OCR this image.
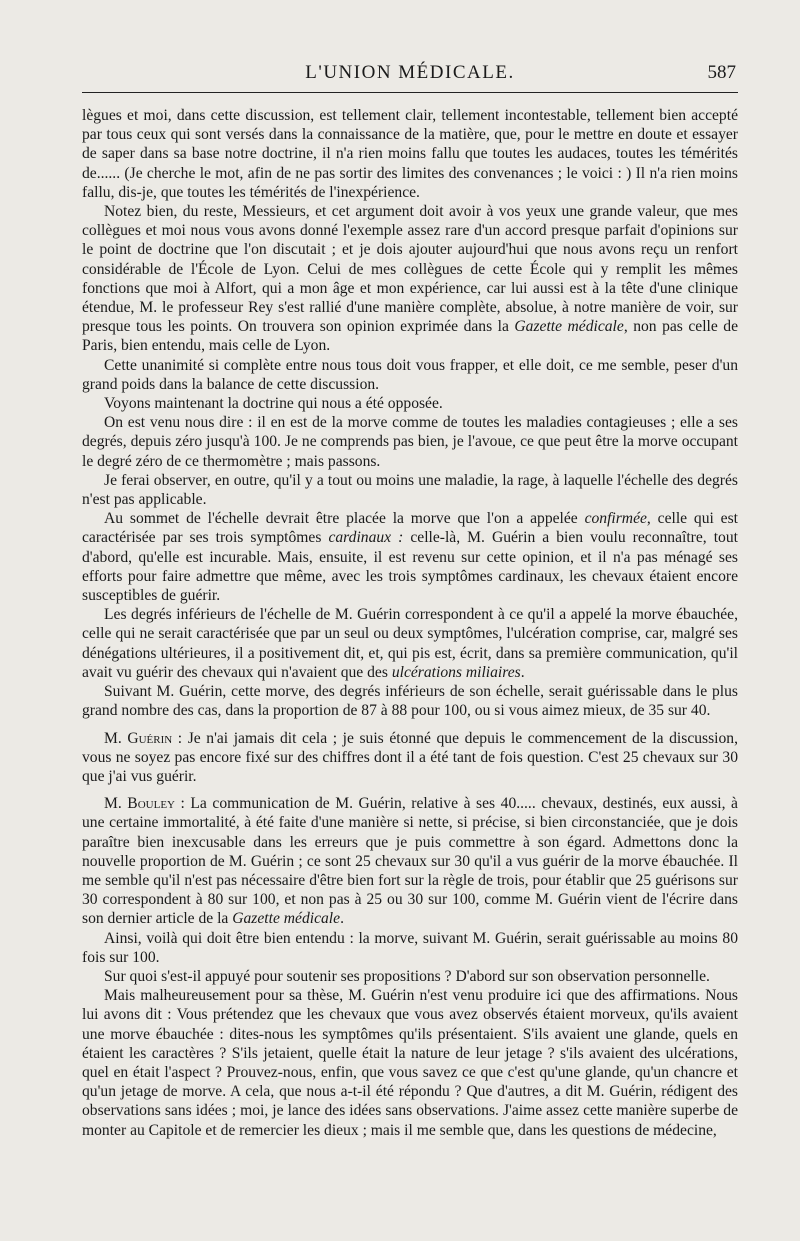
L'UNION MÉDICALE.	587

lègues et moi, dans cette discussion, est tellement clair, tellement incontestable, tellement bien accepté par tous ceux qui sont versés dans la connaissance de la matière, que, pour le mettre en doute et essayer de saper dans sa base notre doctrine, il n'a rien moins fallu que toutes les audaces, toutes les témérités de...... (Je cherche le mot, afin de ne pas sortir des limites des convenances ; le voici : ) Il n'a rien moins fallu, dis-je, que toutes les témérités de l'inexpérience.

Notez bien, du reste, Messieurs, et cet argument doit avoir à vos yeux une grande valeur, que mes collègues et moi nous vous avons donné l'exemple assez rare d'un accord presque parfait d'opinions sur le point de doctrine que l'on discutait ; et je dois ajouter aujourd'hui que nous avons reçu un renfort considérable de l'École de Lyon. Celui de mes collègues de cette École qui y remplit les mêmes fonctions que moi à Alfort, qui a mon âge et mon expérience, car lui aussi est à la tête d'une clinique étendue, M. le professeur Rey s'est rallié d'une manière complète, absolue, à notre manière de voir, sur presque tous les points. On trouvera son opinion exprimée dans la Gazette médicale, non pas celle de Paris, bien entendu, mais celle de Lyon.

Cette unanimité si complète entre nous tous doit vous frapper, et elle doit, ce me semble, peser d'un grand poids dans la balance de cette discussion.

Voyons maintenant la doctrine qui nous a été opposée.

On est venu nous dire : il en est de la morve comme de toutes les maladies contagieuses ; elle a ses degrés, depuis zéro jusqu'à 100. Je ne comprends pas bien, je l'avoue, ce que peut être la morve occupant le degré zéro de ce thermomètre ; mais passons.

Je ferai observer, en outre, qu'il y a tout ou moins une maladie, la rage, à laquelle l'échelle des degrés n'est pas applicable.

Au sommet de l'échelle devrait être placée la morve que l'on a appelée confirmée, celle qui est caractérisée par ses trois symptômes cardinaux : celle-là, M. Guérin a bien voulu reconnaître, tout d'abord, qu'elle est incurable. Mais, ensuite, il est revenu sur cette opinion, et il n'a pas ménagé ses efforts pour faire admettre que même, avec les trois symptômes cardinaux, les chevaux étaient encore susceptibles de guérir.

Les degrés inférieurs de l'échelle de M. Guérin correspondent à ce qu'il a appelé la morve ébauchée, celle qui ne serait caractérisée que par un seul ou deux symptômes, l'ulcération comprise, car, malgré ses dénégations ultérieures, il a positivement dit, et, qui pis est, écrit, dans sa première communication, qu'il avait vu guérir des chevaux qui n'avaient que des ulcérations miliaires.

Suivant M. Guérin, cette morve, des degrés inférieurs de son échelle, serait guérissable dans le plus grand nombre des cas, dans la proportion de 87 à 88 pour 100, ou si vous aimez mieux, de 35 sur 40.

M. Guérin : Je n'ai jamais dit cela ; je suis étonné que depuis le commencement de la discussion, vous ne soyez pas encore fixé sur des chiffres dont il a été tant de fois question. C'est 25 chevaux sur 30 que j'ai vus guérir.

M. Bouley : La communication de M. Guérin, relative à ses 40..... chevaux, destinés, eux aussi, à une certaine immortalité, à été faite d'une manière si nette, si précise, si bien circonstanciée, que je dois paraître bien inexcusable dans les erreurs que je puis commettre à son égard. Admettons donc la nouvelle proportion de M. Guérin ; ce sont 25 chevaux sur 30 qu'il a vus guérir de la morve ébauchée. Il me semble qu'il n'est pas nécessaire d'être bien fort sur la règle de trois, pour établir que 25 guérisons sur 30 correspondent à 80 sur 100, et non pas à 25 ou 30 sur 100, comme M. Guérin vient de l'écrire dans son dernier article de la Gazette médicale.

Ainsi, voilà qui doit être bien entendu : la morve, suivant M. Guérin, serait guérissable au moins 80 fois sur 100.

Sur quoi s'est-il appuyé pour soutenir ses propositions ? D'abord sur son observation personnelle.

Mais malheureusement pour sa thèse, M. Guérin n'est venu produire ici que des affirmations. Nous lui avons dit : Vous prétendez que les chevaux que vous avez observés étaient morveux, qu'ils avaient une morve ébauchée : dites-nous les symptômes qu'ils présentaient. S'ils avaient une glande, quels en étaient les caractères ? S'ils jetaient, quelle était la nature de leur jetage ? s'ils avaient des ulcérations, quel en était l'aspect ? Prouvez-nous, enfin, que vous savez ce que c'est qu'une glande, qu'un chancre et qu'un jetage de morve. A cela, que nous a-t-il été répondu ? Que d'autres, a dit M. Guérin, rédigent des observations sans idées ; moi, je lance des idées sans observations. J'aime assez cette manière superbe de monter au Capitole et de remercier les dieux ; mais il me semble que, dans les questions de médecine,
